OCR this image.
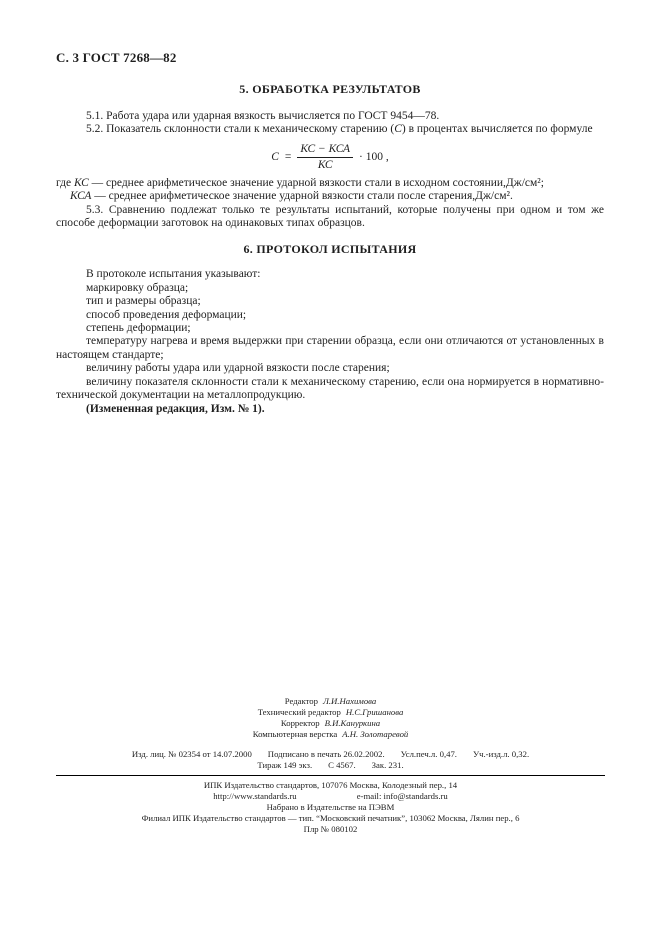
С. 3 ГОСТ 7268—82
5. ОБРАБОТКА РЕЗУЛЬТАТОВ

5.1. Работа удара или ударная вязкость вычисляется по ГОСТ 9454—78.

5.2. Показатель склонности стали к механическому старению (С) в процентах вычисляется по формуле

$С = \frac{\text{КС − КСА}}{КС} \cdot 100$ ,

где КС — среднее арифметическое значение ударной вязкости стали в исходном состоянии,Дж/см²;

КСА — среднее арифметическое значение ударной вязкости стали после старения,Дж/см².

5.3. Сравнению подлежат только те результаты испытаний, которые получены при одном и том же способе деформации заготовок на одинаковых типах образцов.

6. ПРОТОКОЛ ИСПЫТАНИЯ

В протоколе испытания указывают:

маркировку образца;

тип и размеры образца;

способ проведения деформации;

степень деформации;

температуру нагрева и время выдержки при старении образца, если они отличаются от установленных в настоящем стандарте;

величину работы удара или ударной вязкости после старения;

величину показателя склонности стали к механическому старению, если она нормируется в нормативно-технической документации на металлопродукцию.

(Измененная редакция, Изм. № 1).

Редактор Л.И.Нахимова
Технический редактор Н.С.Гришанова
Корректор В.И.Кануркина
Компьютерная верстка А.Н. Золотаревой
Изд. лиц. № 02354 от 14.07.2000 Подписано в печать 26.02.2002. Усл.печ.л. 0,47. Уч.-изд.л. 0,32.
Тираж 149 экз. С 4567. Зак. 231.

ИПК Издательство стандартов, 107076 Москва, Колодезный пер., 14

http://www.standards.ru	e-mail: info@standards.ru

Набрано в Издательстве на ПЭВМ

Филиал ИПК Издательство стандартов — тип. “Московский печатник”, 103062 Москва, Лялин пер., 6

Плр № 080102
